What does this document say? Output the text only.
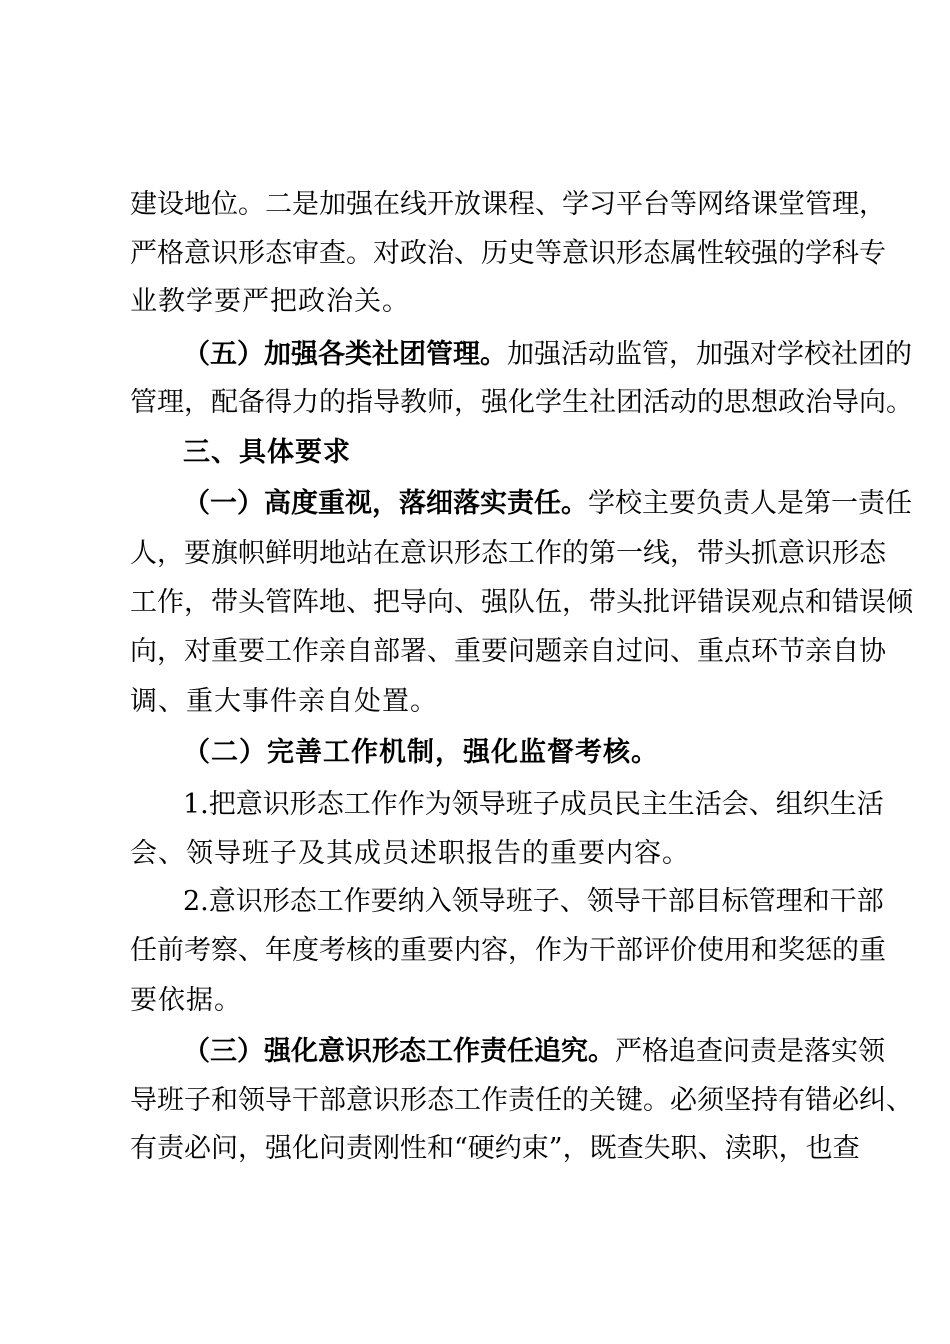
建设地位。二是加强在线开放课程、学习平台等网络课堂管理，
严格意识形态审查。对政治、历史等意识形态属性较强的学科专
业教学要严把政治关。
（五）加强各类社团管理。加强活动监管，加强对学校社团的
管理，配备得力的指导教师，强化学生社团活动的思想政治导向。
三、具体要求
（一）高度重视，落细落实责任。学校主要负责人是第一责任
人，要旗帜鲜明地站在意识形态工作的第一线，带头抓意识形态
工作，带头管阵地、把导向、强队伍，带头批评错误观点和错误倾
向，对重要工作亲自部署、重要问题亲自过问、重点环节亲自协
调、重大事件亲自处置。
（二）完善工作机制，强化监督考核。
1.把意识形态工作作为领导班子成员民主生活会、组织生活
会、领导班子及其成员述职报告的重要内容。
2.意识形态工作要纳入领导班子、领导干部目标管理和干部
任前考察、年度考核的重要内容，作为干部评价使用和奖惩的重
要依据。
（三）强化意识形态工作责任追究。严格追查问责是落实领
导班子和领导干部意识形态工作责任的关键。必须坚持有错必纠、
有责必问，强化问责刚性和“硬约束”，既查失职、渎职，也查
